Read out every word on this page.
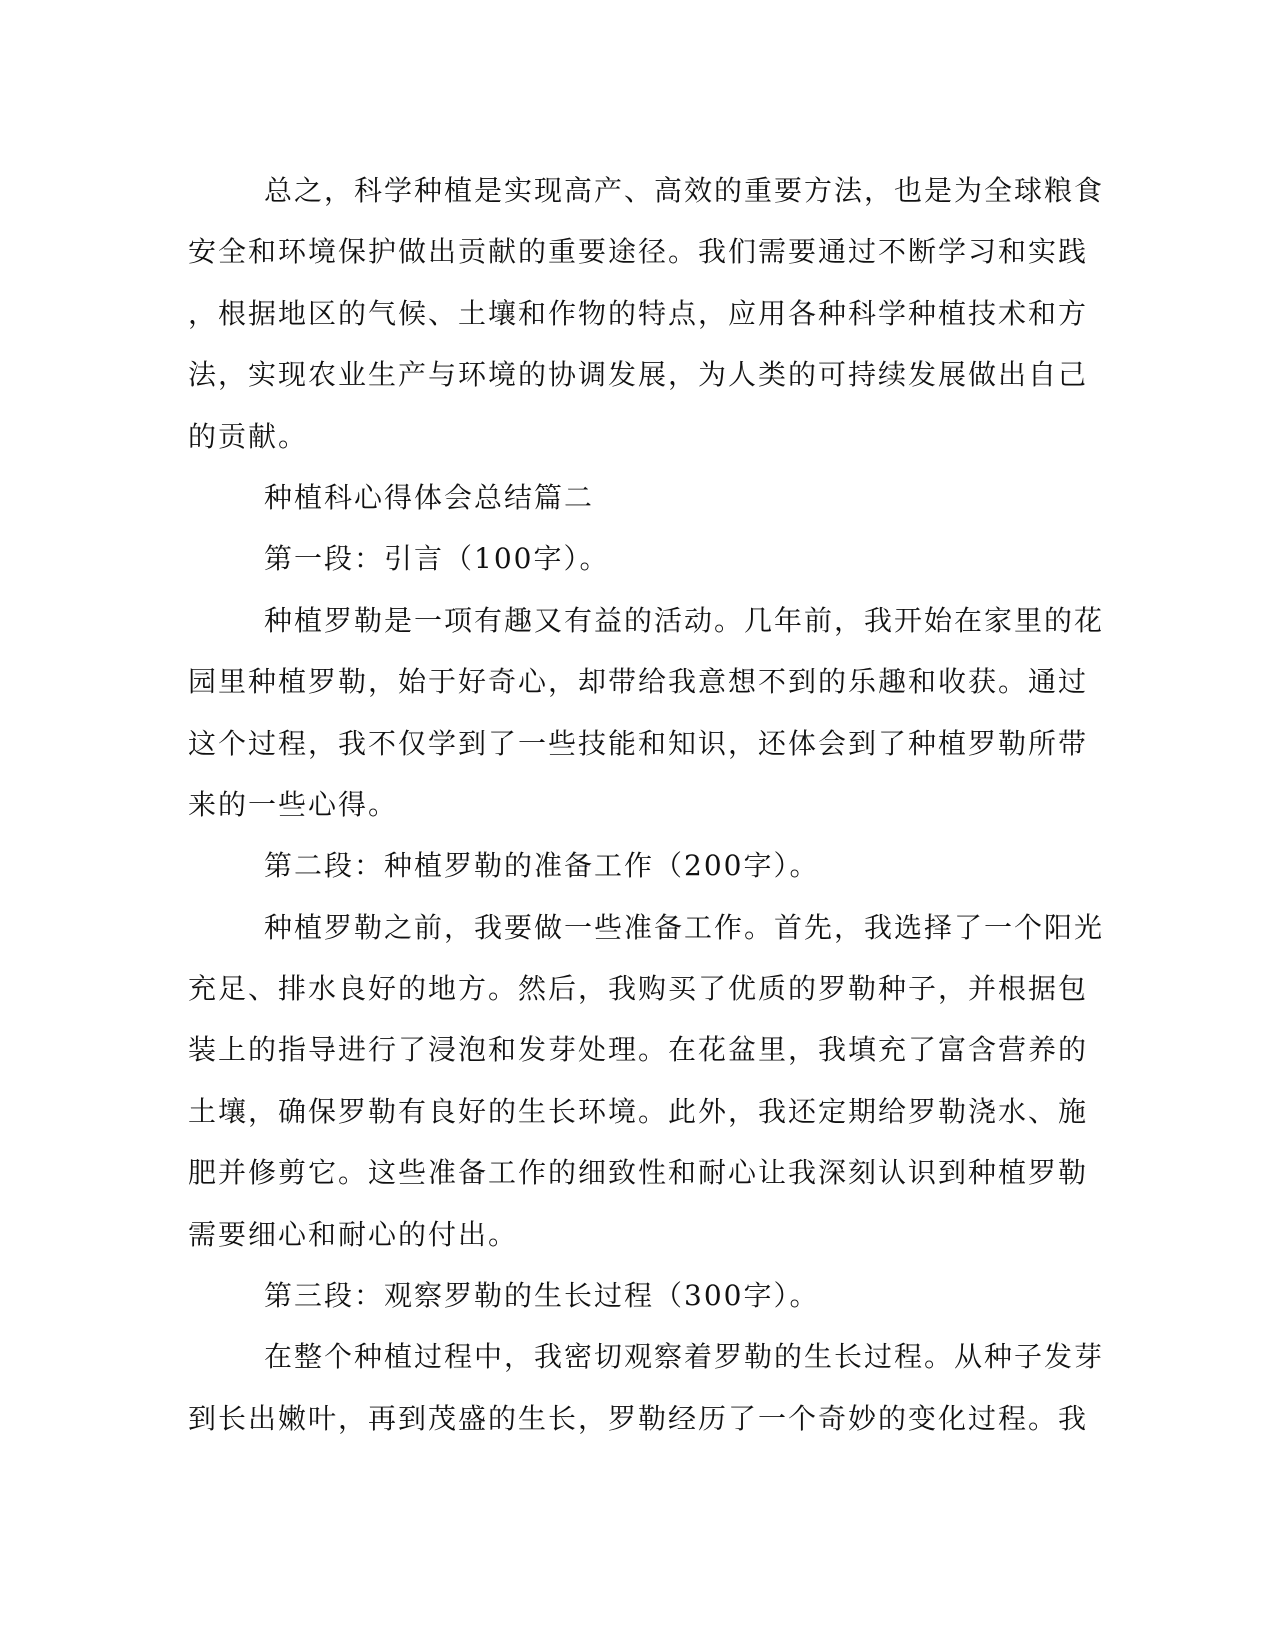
总之，科学种植是实现高产、高效的重要方法，也是为全球粮食

安全和环境保护做出贡献的重要途径。我们需要通过不断学习和实践

，根据地区的气候、土壤和作物的特点，应用各种科学种植技术和方

法，实现农业生产与环境的协调发展，为人类的可持续发展做出自己

的贡献。

种植科心得体会总结篇二

第一段：引言（100字）。

种植罗勒是一项有趣又有益的活动。几年前，我开始在家里的花

园里种植罗勒，始于好奇心，却带给我意想不到的乐趣和收获。通过

这个过程，我不仅学到了一些技能和知识，还体会到了种植罗勒所带

来的一些心得。

第二段：种植罗勒的准备工作（200字）。

种植罗勒之前，我要做一些准备工作。首先，我选择了一个阳光

充足、排水良好的地方。然后，我购买了优质的罗勒种子，并根据包

装上的指导进行了浸泡和发芽处理。在花盆里，我填充了富含营养的

土壤，确保罗勒有良好的生长环境。此外，我还定期给罗勒浇水、施

肥并修剪它。这些准备工作的细致性和耐心让我深刻认识到种植罗勒

需要细心和耐心的付出。

第三段：观察罗勒的生长过程（300字）。

在整个种植过程中，我密切观察着罗勒的生长过程。从种子发芽

到长出嫩叶，再到茂盛的生长，罗勒经历了一个奇妙的变化过程。我
